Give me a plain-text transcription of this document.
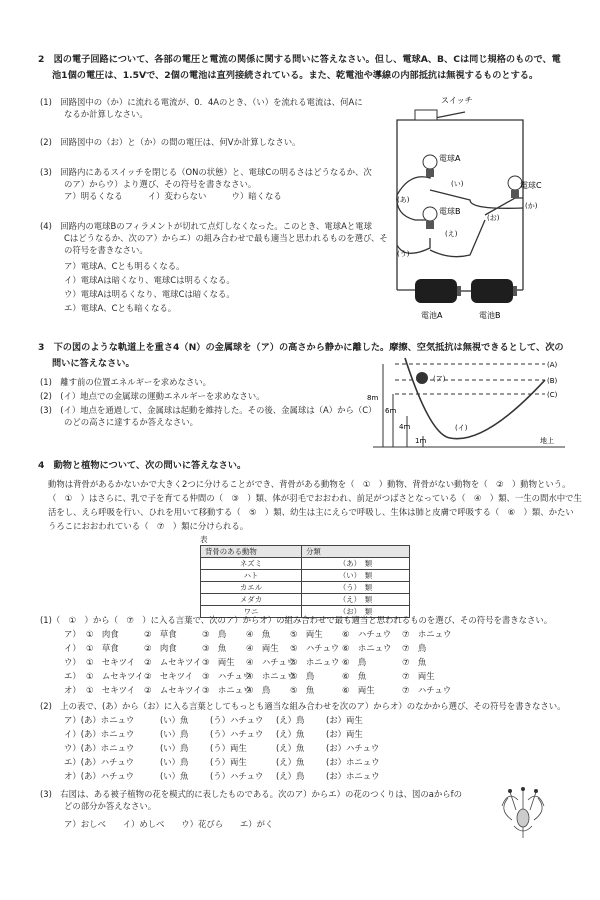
2　図の電子回路について、各部の電圧と電流の関係に関する問いに答えなさい。但し、電球A、B、Cは同じ規格のもので、電
池1個の電圧は、1.5Vで、2個の電池は直列接続されている。また、乾電池や導線の内部抵抗は無視するものとする。
(1)　回路図中の（か）に流れる電流が、0．4Aのとき、（い）を流れる電流は、何Aに
なるか計算しなさい。
(2)　回路図中の（お）と（か）の間の電圧は、何Vか計算しなさい。
(3)　回路内にあるスイッチを閉じる（ONの状態）と、電球Cの明るさはどうなるか、次
のア）からウ）より選び、その符号を書きなさい。
ア）明るくなる　　　イ）変わらない　　　ウ）暗くなる
(4)　回路内の電球Bのフィラメントが切れて点灯しなくなった。このとき、電球Aと電球
Cはどうなるか、次のア）からエ）の組み合わせで最も適当と思われるものを選び、そ
の符号を書きなさい。
ア）電球A、Cとも明るくなる。
イ）電球Aは暗くなり、電球Cは明るくなる。
ウ）電球Aは明るくなり、電球Cは暗くなる。
エ）電球A、Cとも暗くなる。
スイッチ
電球A
電球B
電球C
(あ)
(い)
(う)
(え)
(お)
(か)
電池A	電池B
3　下の図のような軌道上を重さ4（N）の金属球を（ア）の高さから静かに離した。摩擦、空気抵抗は無視できるとして、次の
問いに答えなさい。
(1)　離す前の位置エネルギーを求めなさい。
(2)　(イ）地点での金属球の運動エネルギーを求めなさい。
(3)　(イ）地点を通過して、金属球は起動を維持した。その後、金属球は（A）から（C）
のどの高さに達するか答えなさい。
(A)
(B)
(C)
(ア)
(イ)
8m
6m
4m
1m	地上
4　動物と植物について、次の問いに答えなさい。
動物は背骨があるかないかで大きく2つに分けることができ、背骨がある動物を（　①　）動物、背骨がない動物を（　②　）動物という。
（　①　）はさらに、乳で子を育てる仲間の（　③　）類、体が羽毛でおおわれ、前足がつばさとなっている（　④　）類、一生の間水中で生
活をし、えら呼吸を行い、ひれを用いて移動する（　⑤　）類、幼生は主にえらで呼吸し、生体は肺と皮膚で呼吸する（　⑥　）類、かたい
うろこにおおわれている（　⑦　）類に分けられる。
表
背骨のある動物	分類
ネズミ	（あ）　類
ハト	（い）　類
カエル	（う）　類
メダカ	（え）　類
ワニ	（お）　類
(1)（　①　）から（　⑦　）に入る言葉で、次のア）からオ）の組み合わせで最も適当と思われるものを選び、その符号を書きなさい。
ア） ①　肉食	②　草食	③　鳥 ④　魚 ⑤　両生 ⑥　ハチュウ ⑦　ホニュウ
イ） ①　草食	②　肉食	③　魚 ④　両生 ⑤　ハチュウ ⑥　ホニュウ ⑦　鳥
ウ） ①　セキツイ ②　ムセキツイ③　両生 ④　ハチュウ⑤　ホニュウ ⑥　鳥	⑦　魚
エ） ①　ムセキツイ②　セキツイ ③　ハチュウ④　ホニュウ⑤　鳥	⑥　魚	⑦　両生
オ） ①　セキツイ ②　ムセキツイ③　ホニュウ④　鳥 ⑤　魚	⑥　両生	⑦　ハチュウ
(2)　上の表で、(あ）から（お）に入る言葉としてもっとも適当な組み合わせを次のア）からオ）のなかから選び、その符号を書きなさい。
ア）(あ）ホニュウ	(い）魚	(う）ハチュウ (え）鳥	(お）両生
イ）(あ）ホニュウ	(い）鳥	(う）ハチュウ (え）魚	(お）両生
ウ）(あ）ホニュウ	(い）鳥	(う）両生	(え）魚	(お）ハチュウ
エ）(あ）ハチュウ	(い）鳥	(う）両生	(え）魚	(お）ホニュウ
オ）(あ）ハチュウ	(い）魚	(う）ハチュウ (え）鳥	(お）ホニュウ
(3)　右図は、ある被子植物の花を模式的に表したものである。次のア）からエ）の花のつくりは、図のaからfの
どの部分か答えなさい。
ア）おしべ　　イ）めしべ　　ウ）花びら　　エ）がく
